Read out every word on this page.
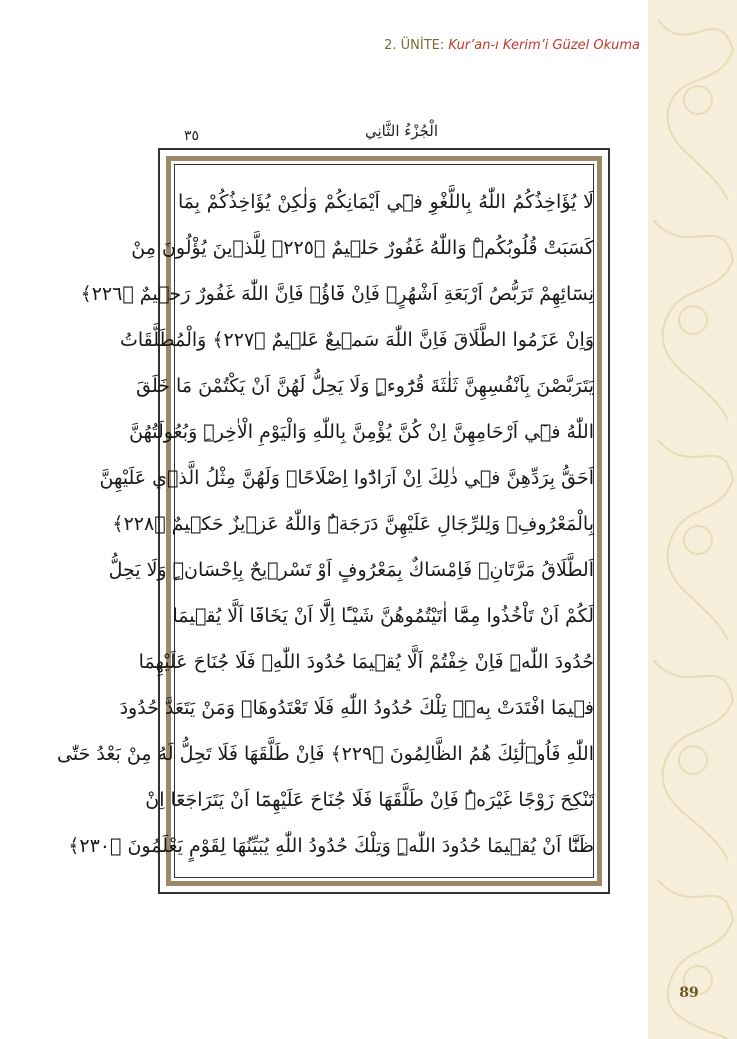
2. ÜNİTE: Kur’an-ı Kerim’i Güzel Okuma
٣٥	الْجُزْءُ الثَّانِي
لَا يُؤَاخِذُكُمُ اللّٰهُ بِاللَّغْوِ فٖٓي اَيْمَانِكُمْ وَلٰكِنْ يُؤَاخِذُكُمْ بِمَا
كَسَبَتْ قُلُوبُكُمْۜ وَاللّٰهُ غَفُورٌ حَلٖيمٌ ﴿٢٢٥﴾ لِلَّذٖينَ يُؤْلُونَ مِنْ
نِسَٓائِهِمْ تَرَبُّصُ اَرْبَعَةِ اَشْهُرٍۚ فَاِنْ فَٓاؤُ۫ فَاِنَّ اللّٰهَ غَفُورٌ رَحٖيمٌ ﴿٢٢٦﴾
وَاِنْ عَزَمُوا الطَّلَاقَ فَاِنَّ اللّٰهَ سَمٖيعٌ عَلٖيمٌ ﴿٢٢٧﴾ وَالْمُطَلَّقَاتُ
يَتَرَبَّصْنَ بِاَنْفُسِهِنَّ ثَلٰثَةَ قُرُٓوءٍۜ وَلَا يَحِلُّ لَهُنَّ اَنْ يَكْتُمْنَ مَا خَلَقَ
اللّٰهُ فٖٓي اَرْحَامِهِنَّ اِنْ كُنَّ يُؤْمِنَّ بِاللّٰهِ وَالْيَوْمِ الْاٰخِرِۜ وَبُعُولَتُهُنَّ
اَحَقُّ بِرَدِّهِنَّ فٖي ذٰلِكَ اِنْ اَرَادُٓوا اِصْلَاحًاۜ وَلَهُنَّ مِثْلُ الَّذٖي عَلَيْهِنَّ
بِالْمَعْرُوفِۖ وَلِلرِّجَالِ عَلَيْهِنَّ دَرَجَةٌۜ وَاللّٰهُ عَزٖيزٌ حَكٖيمٌ ﴿٢٢٨﴾
اَلطَّلَاقُ مَرَّتَانِۖ فَاِمْسَاكٌ بِمَعْرُوفٍ اَوْ تَسْرٖيحٌ بِاِحْسَانٍۜ وَلَا يَحِلُّ
لَكُمْ اَنْ تَاْخُذُوا مِمَّٓا اٰتَيْتُمُوهُنَّ شَيْـًٔا اِلَّٓا اَنْ يَخَافَٓا اَلَّا يُقٖيمَا
حُدُودَ اللّٰهِۜ فَاِنْ خِفْتُمْ اَلَّا يُقٖيمَا حُدُودَ اللّٰهِۙ فَلَا جُنَاحَ عَلَيْهِمَا
فٖيمَا افْتَدَتْ بِهٖۜ تِلْكَ حُدُودُ اللّٰهِ فَلَا تَعْتَدُوهَاۚ وَمَنْ يَتَعَدَّ حُدُودَ
اللّٰهِ فَاُو۬لٰٓئِكَ هُمُ الظَّالِمُونَ ﴿٢٢٩﴾ فَاِنْ طَلَّقَهَا فَلَا تَحِلُّ لَهُ مِنْ بَعْدُ حَتّٰى
تَنْكِحَ زَوْجًا غَيْرَهُۜ فَاِنْ طَلَّقَهَا فَلَا جُنَاحَ عَلَيْهِمَٓا اَنْ يَتَرَاجَعَٓا اِنْ
ظَنَّٓا اَنْ يُقٖيمَا حُدُودَ اللّٰهِۜ وَتِلْكَ حُدُودُ اللّٰهِ يُبَيِّنُهَا لِقَوْمٍ يَعْلَمُونَ ﴿٢٣٠﴾
89
